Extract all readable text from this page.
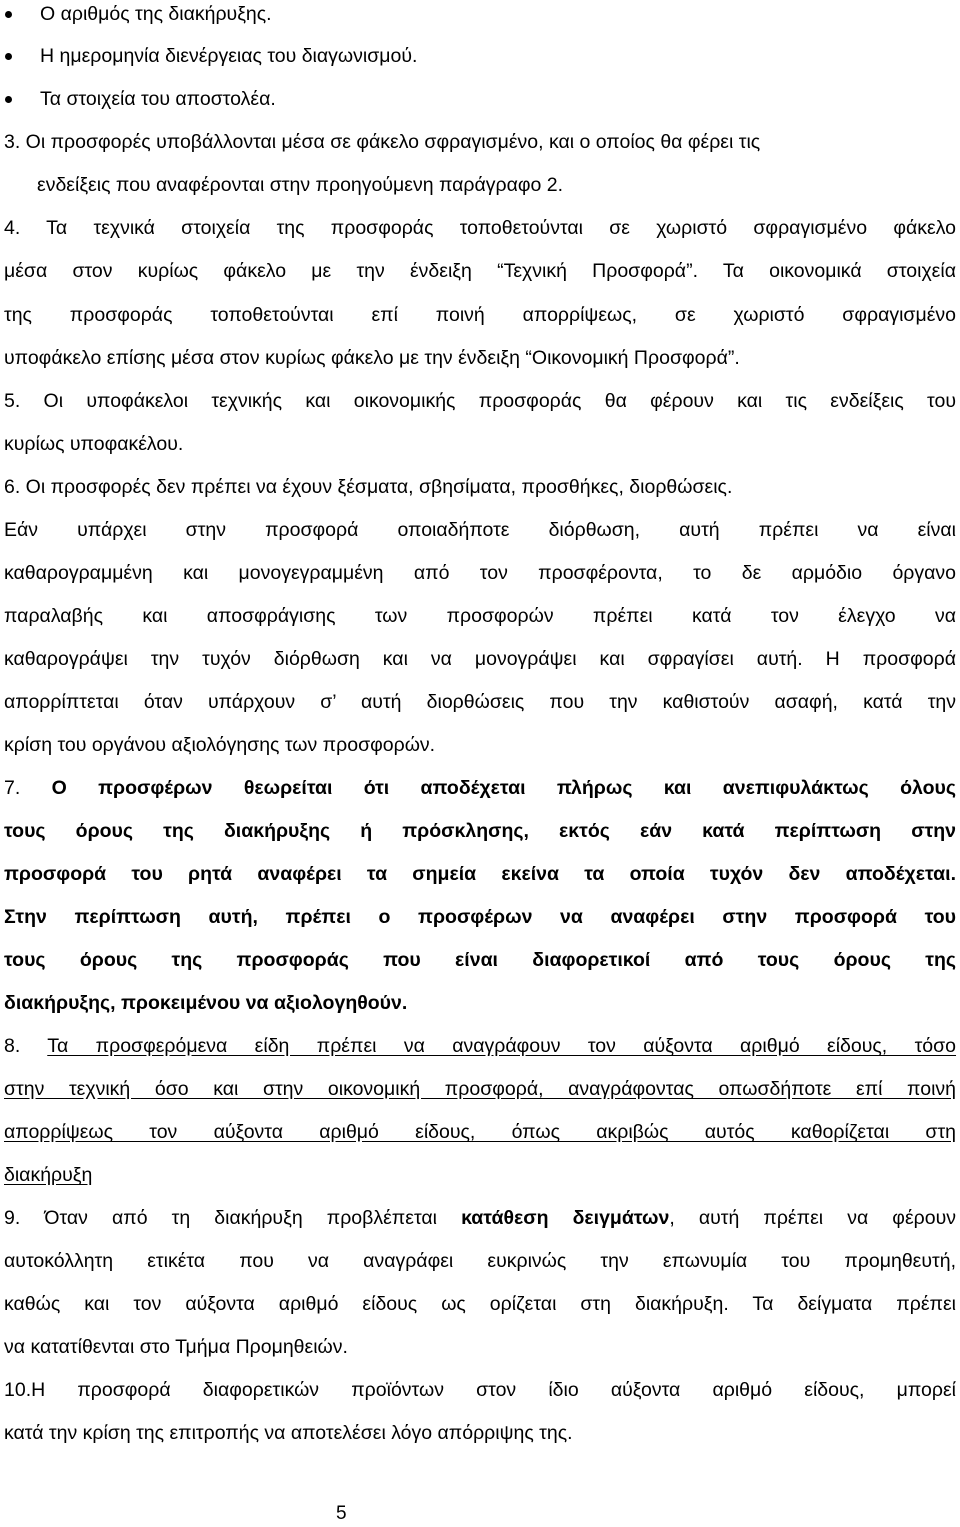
Ο αριθμός της διακήρυξης.
Η ημερομηνία διενέργειας του διαγωνισμού.
Τα στοιχεία του αποστολέα.
3. Οι προσφορές υποβάλλονται μέσα σε φάκελο σφραγισμένο, και ο οποίος θα φέρει τις
ενδείξεις που αναφέρονται στην προηγούμενη παράγραφο 2.
4. Τα τεχνικά στοιχεία της προσφοράς τοποθετούνται σε χωριστό σφραγισμένο φάκελο
μέσα στον κυρίως φάκελο με την ένδειξη “Τεχνική Προσφορά”. Τα οικονομικά στοιχεία
της προσφοράς τοποθετούνται επί ποινή απορρίψεως, σε χωριστό σφραγισμένο
υποφάκελο επίσης μέσα στον κυρίως φάκελο με την ένδειξη “Οικονομική Προσφορά”.
5. Οι υποφάκελοι τεχνικής και οικονομικής προσφοράς θα φέρουν και τις ενδείξεις του
κυρίως υποφακέλου.
6. Οι προσφορές δεν πρέπει να έχουν ξέσματα, σβησίματα, προσθήκες, διορθώσεις.
Εάν υπάρχει στην προσφορά οποιαδήποτε διόρθωση, αυτή πρέπει να είναι
καθαρογραμμένη και μονογεγραμμένη από τον προσφέροντα, το δε αρμόδιο όργανο
παραλαβής και αποσφράγισης των προσφορών πρέπει κατά τον έλεγχο να
καθαρογράψει την τυχόν διόρθωση και να μονογράψει και σφραγίσει αυτή. Η προσφορά
απορρίπτεται όταν υπάρχουν σ’ αυτή διορθώσεις που την καθιστούν ασαφή, κατά την
κρίση του οργάνου αξιολόγησης των προσφορών.
7. Ο προσφέρων θεωρείται ότι αποδέχεται πλήρως και ανεπιφυλάκτως όλους
τους όρους της διακήρυξης ή πρόσκλησης, εκτός εάν κατά περίπτωση στην
προσφορά του ρητά αναφέρει τα σημεία εκείνα τα οποία τυχόν δεν αποδέχεται.
Στην περίπτωση αυτή, πρέπει ο προσφέρων να αναφέρει στην προσφορά του
τους όρους της προσφοράς που είναι διαφορετικοί από τους όρους της
διακήρυξης, προκειμένου να αξιολογηθούν.
8. Τα προσφερόμενα είδη πρέπει να αναγράφουν τον αύξοντα αριθμό είδους, τόσο
στην τεχνική όσο και στην οικονομική προσφορά, αναγράφοντας οπωσδήποτε επί ποινή
απορρίψεως τον αύξοντα αριθμό είδους, όπως ακριβώς αυτός καθορίζεται στη
διακήρυξη
9. Όταν από τη διακήρυξη προβλέπεται κατάθεση δειγμάτων, αυτή πρέπει να φέρουν
αυτοκόλλητη ετικέτα που να αναγράφει ευκρινώς την επωνυμία του προμηθευτή,
καθώς και τον αύξοντα αριθμό είδους ως ορίζεται στη διακήρυξη. Τα δείγματα πρέπει
να κατατίθενται στο Τμήμα Προμηθειών.
10.Η προσφορά διαφορετικών προϊόντων στον ίδιο αύξοντα αριθμό είδους, μπορεί
κατά την κρίση της επιτροπής να αποτελέσει λόγο απόρριψης της.
5
